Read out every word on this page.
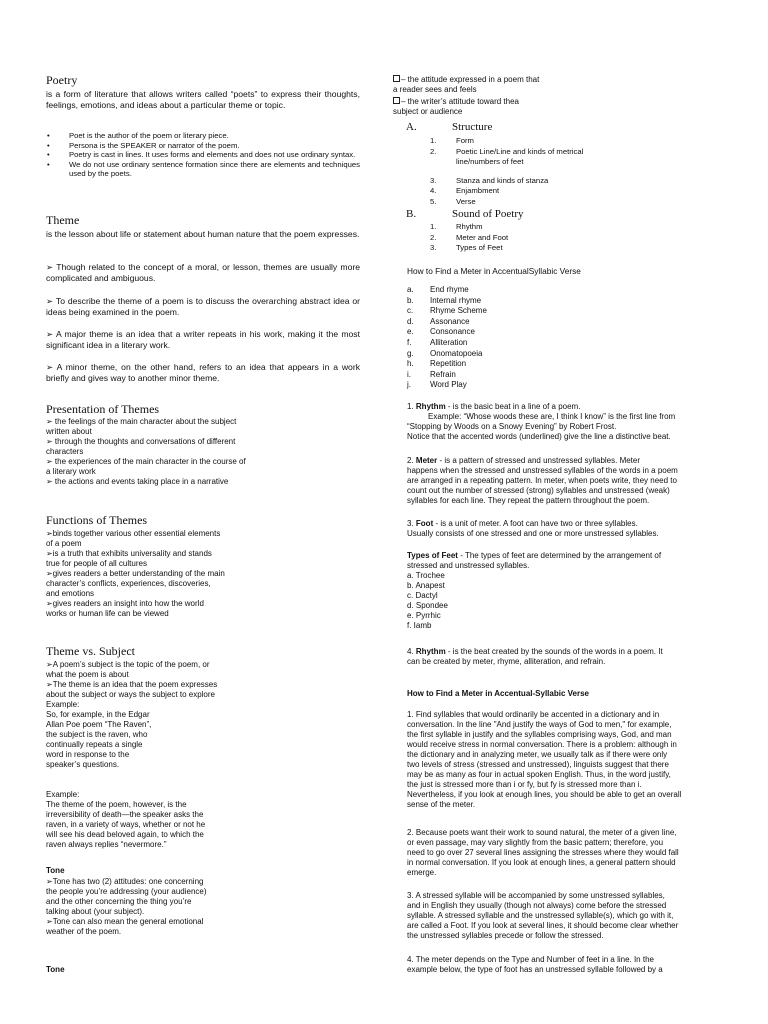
Poetry

is a form of literature that allows writers called “poets” to express their thoughts, feelings, emotions, and ideas about a particular theme or topic.

• Poet is the author of the poem or literary piece.
• Persona is the SPEAKER or narrator of the poem.
• Poetry is cast in lines. It uses forms and elements and does not use ordinary syntax.
• We do not use ordinary sentence formation since there are elements and techniques used by the poets.
Theme

is the lesson about life or statement about human nature that the poem expresses.

➢ Though related to the concept of a moral, or lesson, themes are usually more complicated and ambiguous.

➢ To describe the theme of a poem is to discuss the overarching abstract idea or ideas being examined in the poem.

➢ A major theme is an idea that a writer repeats in his work, making it the most significant idea in a literary work.

➢ A minor theme, on the other hand, refers to an idea that appears in a work briefly and gives way to another minor theme.

Presentation of Themes
➢ the feelings of the main character about the subject
written about
➢ through the thoughts and conversations of different
characters
➢ the experiences of the main character in the course of
a literary work
➢ the actions and events taking place in a narrative
Functions of Themes
➢binds together various other essential elements
of a poem
➢is a truth that exhibits universality and stands
true for people of all cultures
➢gives readers a better understanding of the main
character’s conflicts, experiences, discoveries,
and emotions
➢gives readers an insight into how the world
works or human life can be viewed
Theme vs. Subject
➢A poem’s subject is the topic of the poem, or
what the poem is about
➢The theme is an idea that the poem expresses
about the subject or ways the subject to explore
Example:
So, for example, in the Edgar
Allan Poe poem “The Raven”,
the subject is the raven, who
continually repeats a single
word in response to the
speaker’s questions.
Example:
The theme of the poem, however, is the
irreversibility of death—the speaker asks the
raven, in a variety of ways, whether or not he
will see his dead beloved again, to which the
raven always replies “nevermore.”
Tone
➢Tone has two (2) attitudes: one concerning
the people you’re addressing (your audience)
and the other concerning the thing you’re
talking about (your subject).
➢Tone can also mean the general emotional
weather of the poem.
Tone
– the attitude expressed in a poem that
a reader sees and feels
– the writer’s attitude toward thea
subject or audience
A.	Structure
1.	Form
2.	Poetic Line/Line and kinds of metrical
line/numbers of feet
3.	Stanza and kinds of stanza
4.	Enjambment
5.	Verse
B.	Sound of Poetry
1.	Rhythm
2.	Meter and Foot
3.	Types of Feet
How to Find a Meter in AccentualSyllabic Verse
a. End rhyme
b. Internal rhyme
c. Rhyme Scheme
d. Assonance
e. Consonance
f. Alliteration
g. Onomatopoeia
h. Repetition
i. Refrain
j. Word Play
1. Rhythm - is the basic beat in a line of a poem.
Example: “Whose woods these are, I think I know” is the first line from
“Stopping by Woods on a Snowy Evening” by Robert Frost.
Notice that the accented words (underlined) give the line a distinctive beat.
2. Meter - is a pattern of stressed and unstressed syllables. Meter
happens when the stressed and unstressed syllables of the words in a poem
are arranged in a repeating pattern. In meter, when poets write, they need to
count out the number of stressed (strong) syllables and unstressed (weak)
syllables for each line. They repeat the pattern throughout the poem.
3. Foot - is a unit of meter. A foot can have two or three syllables.
Usually consists of one stressed and one or more unstressed syllables.
Types of Feet - The types of feet are determined by the arrangement of
stressed and unstressed syllables.
a. Trochee
b. Anapest
c. Dactyl
d. Spondee
e. Pyrrhic
f. Iamb
4. Rhythm - is the beat created by the sounds of the words in a poem. It
can be created by meter, rhyme, alliteration, and refrain.
How to Find a Meter in Accentual-Syllabic Verse
1. Find syllables that would ordinarily be accented in a dictionary and in
conversation. In the line "And justify the ways of God to men," for example,
the first syllable in justify and the syllables comprising ways, God, and man
would receive stress in normal conversation. There is a problem: although in
the dictionary and in analyzing meter, we usually talk as if there were only
two levels of stress (stressed and unstressed), linguists suggest that there
may be as many as four in actual spoken English. Thus, in the word justify,
the just is stressed more than i or fy, but fy is stressed more than i.
Nevertheless, if you look at enough lines, you should be able to get an overall
sense of the meter.
2. Because poets want their work to sound natural, the meter of a given line,
or even passage, may vary slightly from the basic pattern; therefore, you
need to go over 27 several lines assigning the stresses where they would fall
in normal conversation. If you look at enough lines, a general pattern should
emerge.
3. A stressed syllable will be accompanied by some unstressed syllables,
and in English they usually (though not always) come before the stressed
syllable. A stressed syllable and the unstressed syllable(s), which go with it,
are called a Foot. If you look at several lines, it should become clear whether
the unstressed syllables precede or follow the stressed.
4. The meter depends on the Type and Number of feet in a line. In the
example below, the type of foot has an unstressed syllable followed by a
